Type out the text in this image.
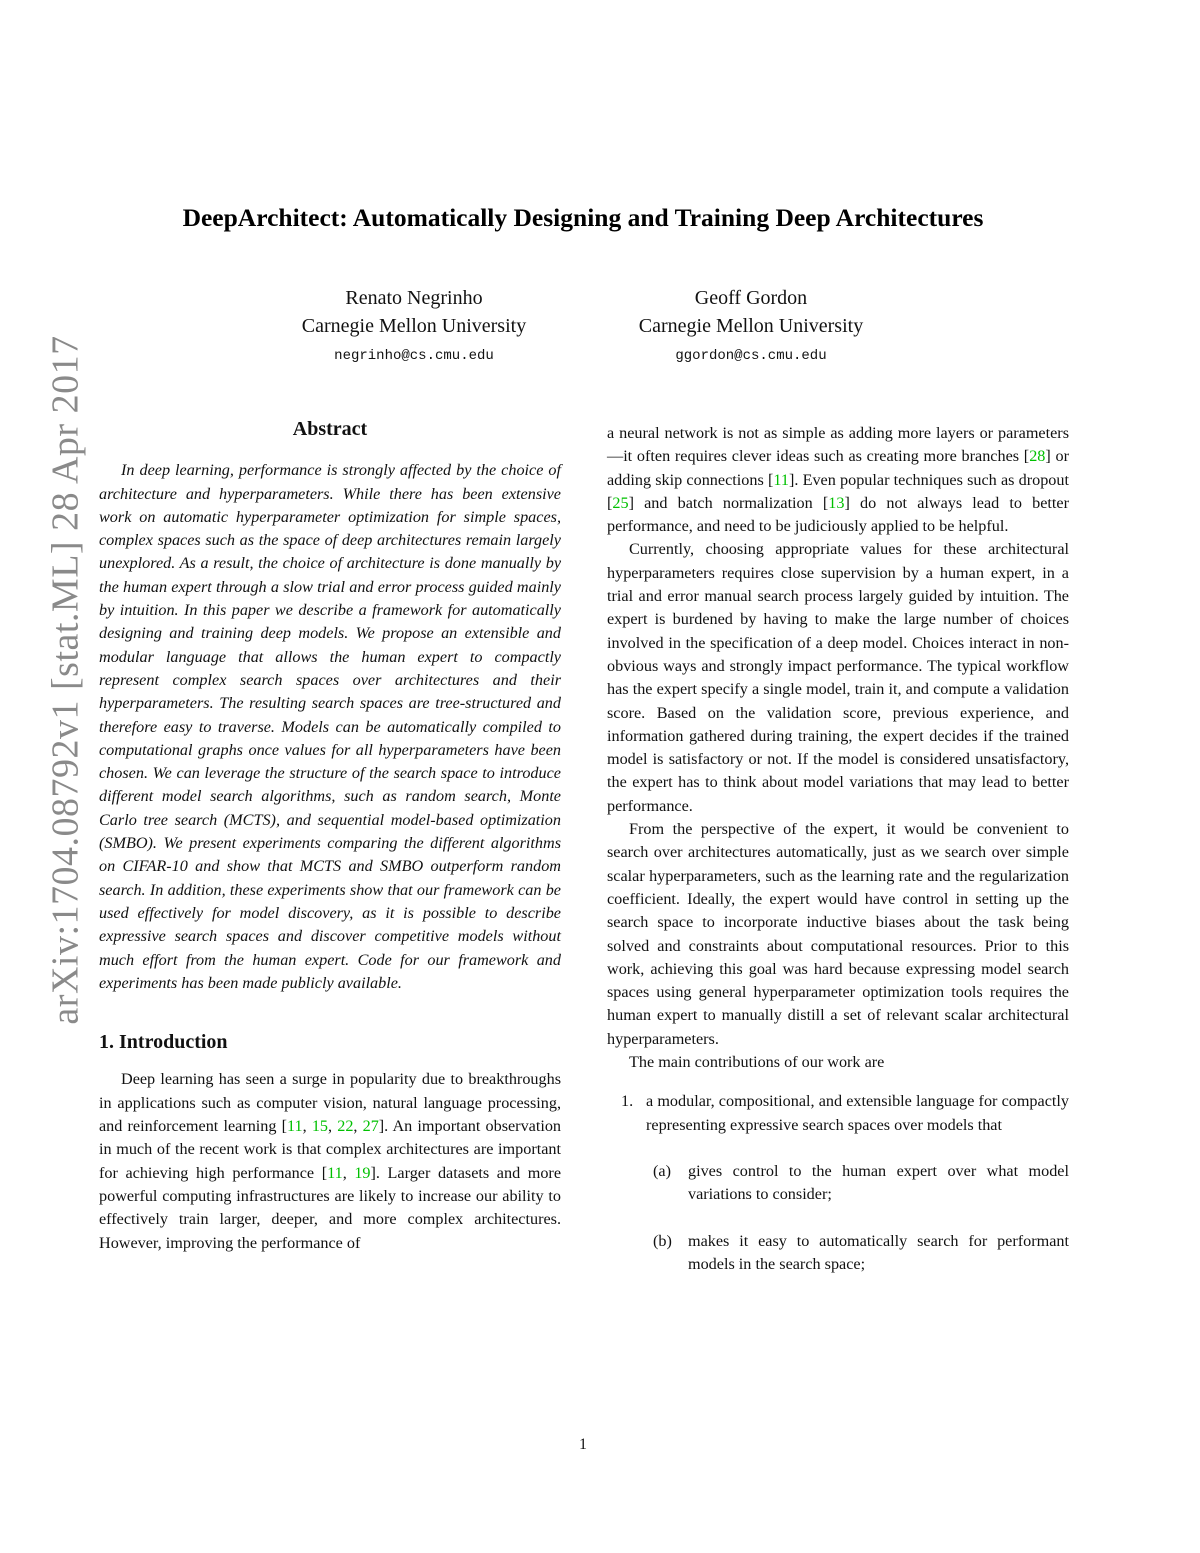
arXiv:1704.08792v1 [stat.ML] 28 Apr 2017
DeepArchitect: Automatically Designing and Training Deep Architectures
Renato Negrinho
Carnegie Mellon University
negrinho@cs.cmu.edu
Geoff Gordon
Carnegie Mellon University
ggordon@cs.cmu.edu
Abstract

In deep learning, performance is strongly affected by the choice of architecture and hyperparameters. While there has been extensive work on automatic hyperparameter optimization for simple spaces, complex spaces such as the space of deep architectures remain largely unexplored. As a result, the choice of architecture is done manually by the human expert through a slow trial and error process guided mainly by intuition. In this paper we describe a framework for automatically designing and training deep models. We propose an extensible and modular language that allows the human expert to compactly represent complex search spaces over architectures and their hyperparameters. The resulting search spaces are tree-structured and therefore easy to traverse. Models can be automatically compiled to computational graphs once values for all hyperparameters have been chosen. We can leverage the structure of the search space to introduce different model search algorithms, such as random search, Monte Carlo tree search (MCTS), and sequential model-based optimization (SMBO). We present experiments comparing the different algorithms on CIFAR-10 and show that MCTS and SMBO outperform random search. In addition, these experiments show that our framework can be used effectively for model discovery, as it is possible to describe expressive search spaces and discover competitive models without much effort from the human expert. Code for our framework and experiments has been made publicly available.

1. Introduction

Deep learning has seen a surge in popularity due to breakthroughs in applications such as computer vision, natural language processing, and reinforcement learning [11, 15, 22, 27]. An important observation in much of the recent work is that complex architectures are important for achieving high performance [11, 19]. Larger datasets and more powerful computing infrastructures are likely to increase our ability to effectively train larger, deeper, and more complex architectures. However, improving the performance of

a neural network is not as simple as adding more layers or parameters—it often requires clever ideas such as creating more branches [28] or adding skip connections [11]. Even popular techniques such as dropout [25] and batch normalization [13] do not always lead to better performance, and need to be judiciously applied to be helpful.

Currently, choosing appropriate values for these architectural hyperparameters requires close supervision by a human expert, in a trial and error manual search process largely guided by intuition. The expert is burdened by having to make the large number of choices involved in the specification of a deep model. Choices interact in non-obvious ways and strongly impact performance. The typical workflow has the expert specify a single model, train it, and compute a validation score. Based on the validation score, previous experience, and information gathered during training, the expert decides if the trained model is satisfactory or not. If the model is considered unsatisfactory, the expert has to think about model variations that may lead to better performance.

From the perspective of the expert, it would be convenient to search over architectures automatically, just as we search over simple scalar hyperparameters, such as the learning rate and the regularization coefficient. Ideally, the expert would have control in setting up the search space to incorporate inductive biases about the task being solved and constraints about computational resources. Prior to this work, achieving this goal was hard because expressing model search spaces using general hyperparameter optimization tools requires the human expert to manually distill a set of relevant scalar architectural hyperparameters.

The main contributions of our work are

1. a modular, compositional, and extensible language for compactly representing expressive search spaces over models that
(a) gives control to the human expert over what model variations to consider;
(b) makes it easy to automatically search for performant models in the search space;
1
